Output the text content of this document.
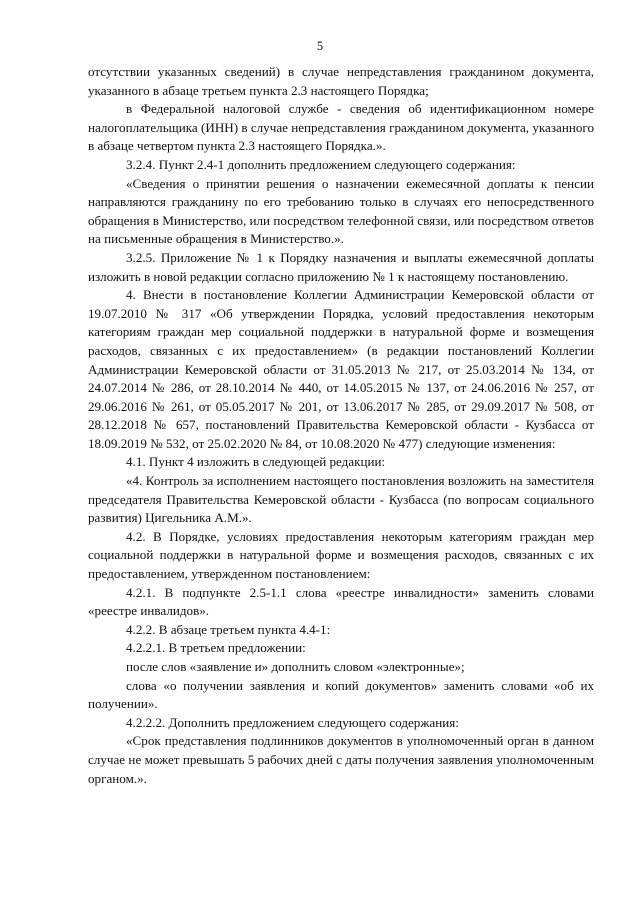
5

отсутствии указанных сведений) в случае непредставления гражданином документа, указанного в абзаце третьем пункта 2.3 настоящего Порядка;

в Федеральной налоговой службе - сведения об идентификационном номере налогоплательщика (ИНН) в случае непредставления гражданином документа, указанного в абзаце четвертом пункта 2.3 настоящего Порядка.».

3.2.4. Пункт 2.4-1 дополнить предложением следующего содержания:

«Сведения о принятии решения о назначении ежемесячной доплаты к пенсии направляются гражданину по его требованию только в случаях его непосредственного обращения в Министерство, или посредством телефонной связи, или посредством ответов на письменные обращения в Министерство.».

3.2.5. Приложение № 1 к Порядку назначения и выплаты ежемесячной доплаты изложить в новой редакции согласно приложению № 1 к настоящему постановлению.

4. Внести в постановление Коллегии Администрации Кемеровской области от 19.07.2010 № 317 «Об утверждении Порядка, условий предоставления некоторым категориям граждан мер социальной поддержки в натуральной форме и возмещения расходов, связанных с их предоставлением» (в редакции постановлений Коллегии Администрации Кемеровской области от 31.05.2013 № 217, от 25.03.2014 № 134, от 24.07.2014 № 286, от 28.10.2014 № 440, от 14.05.2015 № 137, от 24.06.2016 № 257, от 29.06.2016 № 261, от 05.05.2017 № 201, от 13.06.2017 № 285, от 29.09.2017 № 508, от 28.12.2018 № 657, постановлений Правительства Кемеровской области - Кузбасса от 18.09.2019 № 532, от 25.02.2020 № 84, от 10.08.2020 № 477) следующие изменения:

4.1. Пункт 4 изложить в следующей редакции:

«4. Контроль за исполнением настоящего постановления возложить на заместителя председателя Правительства Кемеровской области - Кузбасса (по вопросам социального развития) Цигельника А.М.».

4.2. В Порядке, условиях предоставления некоторым категориям граждан мер социальной поддержки в натуральной форме и возмещения расходов, связанных с их предоставлением, утвержденном постановлением:

4.2.1. В подпункте 2.5-1.1 слова «реестре инвалидности» заменить словами «реестре инвалидов».

4.2.2. В абзаце третьем пункта 4.4-1:

4.2.2.1. В третьем предложении:

после слов «заявление и» дополнить словом «электронные»;

слова «о получении заявления и копий документов» заменить словами «об их получении».

4.2.2.2. Дополнить предложением следующего содержания:

«Срок представления подлинников документов в уполномоченный орган в данном случае не может превышать 5 рабочих дней с даты получения заявления уполномоченным органом.».
